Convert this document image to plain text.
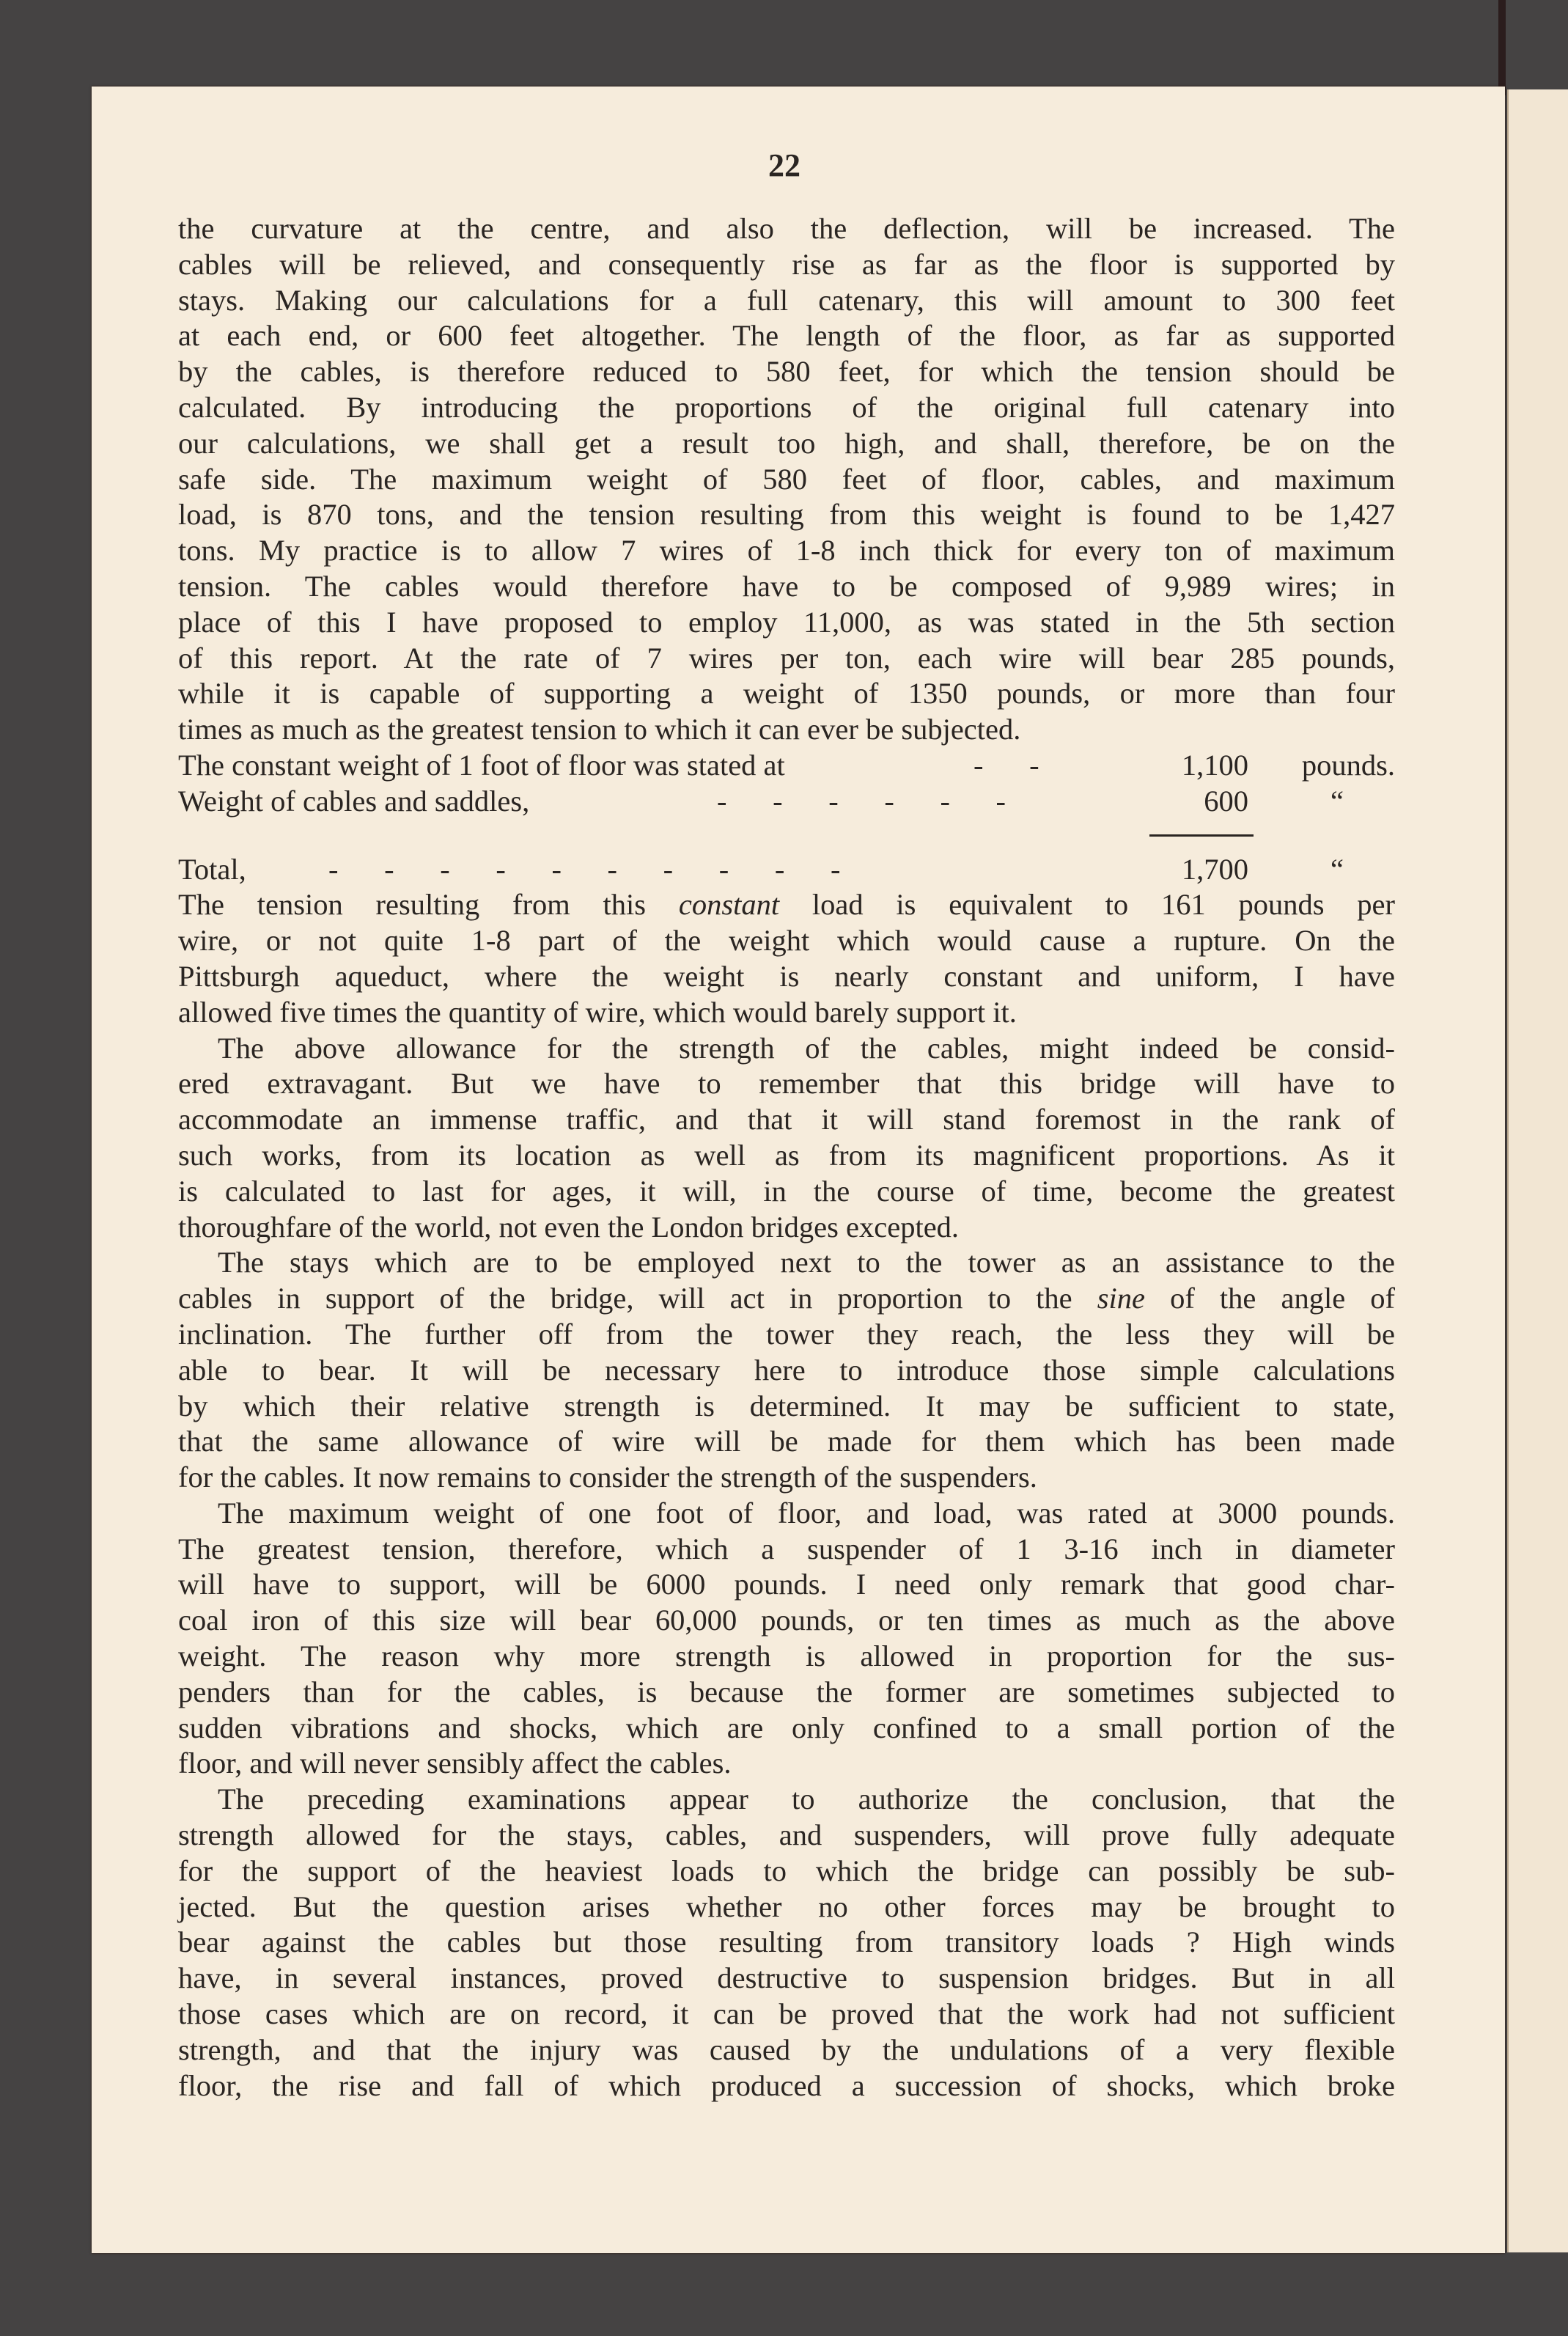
22
the curvature at the centre, and also the deflection, will be increased. The
cables will be relieved, and consequently rise as far as the floor is supported by
stays. Making our calculations for a full catenary, this will amount to 300 feet
at each end, or 600 feet altogether. The length of the floor, as far as supported
by the cables, is therefore reduced to 580 feet, for which the tension should be
calculated. By introducing the proportions of the original full catenary into
our calculations, we shall get a result too high, and shall, therefore, be on the
safe side. The maximum weight of 580 feet of floor, cables, and maximum
load, is 870 tons, and the tension resulting from this weight is found to be 1,427
tons. My practice is to allow 7 wires of 1-8 inch thick for every ton of maximum
tension. The cables would therefore have to be composed of 9,989 wires; in
place of this I have proposed to employ 11,000, as was stated in the 5th section
of this report. At the rate of 7 wires per ton, each wire will bear 285 pounds,
while it is capable of supporting a weight of 1350 pounds, or more than four
times as much as the greatest tension to which it can ever be subjected.
The constant weight of 1 foot of floor was stated at	-     -	1,100 pounds.
Weight of cables and saddles,	-     -     -     -     -     -	600	“
Total,	-     -     -     -     -     -     -     -     -     -	1,700	“
The tension resulting from this constant load is equivalent to 161 pounds per
wire, or not quite 1-8 part of the weight which would cause a rupture. On the
Pittsburgh aqueduct, where the weight is nearly constant and uniform, I have
allowed five times the quantity of wire, which would barely support it.
The above allowance for the strength of the cables, might indeed be consid-
ered extravagant. But we have to remember that this bridge will have to
accommodate an immense traffic, and that it will stand foremost in the rank of
such works, from its location as well as from its magnificent proportions. As it
is calculated to last for ages, it will, in the course of time, become the greatest
thoroughfare of the world, not even the London bridges excepted.
The stays which are to be employed next to the tower as an assistance to the
cables in support of the bridge, will act in proportion to the sine of the angle of
inclination. The further off from the tower they reach, the less they will be
able to bear. It will be necessary here to introduce those simple calculations
by which their relative strength is determined. It may be sufficient to state,
that the same allowance of wire will be made for them which has been made
for the cables. It now remains to consider the strength of the suspenders.
The maximum weight of one foot of floor, and load, was rated at 3000 pounds.
The greatest tension, therefore, which a suspender of 1 3-16 inch in diameter
will have to support, will be 6000 pounds. I need only remark that good char-
coal iron of this size will bear 60,000 pounds, or ten times as much as the above
weight. The reason why more strength is allowed in proportion for the sus-
penders than for the cables, is because the former are sometimes subjected to
sudden vibrations and shocks, which are only confined to a small portion of the
floor, and will never sensibly affect the cables.
The preceding examinations appear to authorize the conclusion, that the
strength allowed for the stays, cables, and suspenders, will prove fully adequate
for the support of the heaviest loads to which the bridge can possibly be sub-
jected. But the question arises whether no other forces may be brought to
bear against the cables but those resulting from transitory loads ? High winds
have, in several instances, proved destructive to suspension bridges. But in all
those cases which are on record, it can be proved that the work had not sufficient
strength, and that the injury was caused by the undulations of a very flexible
floor, the rise and fall of which produced a succession of shocks, which broke
